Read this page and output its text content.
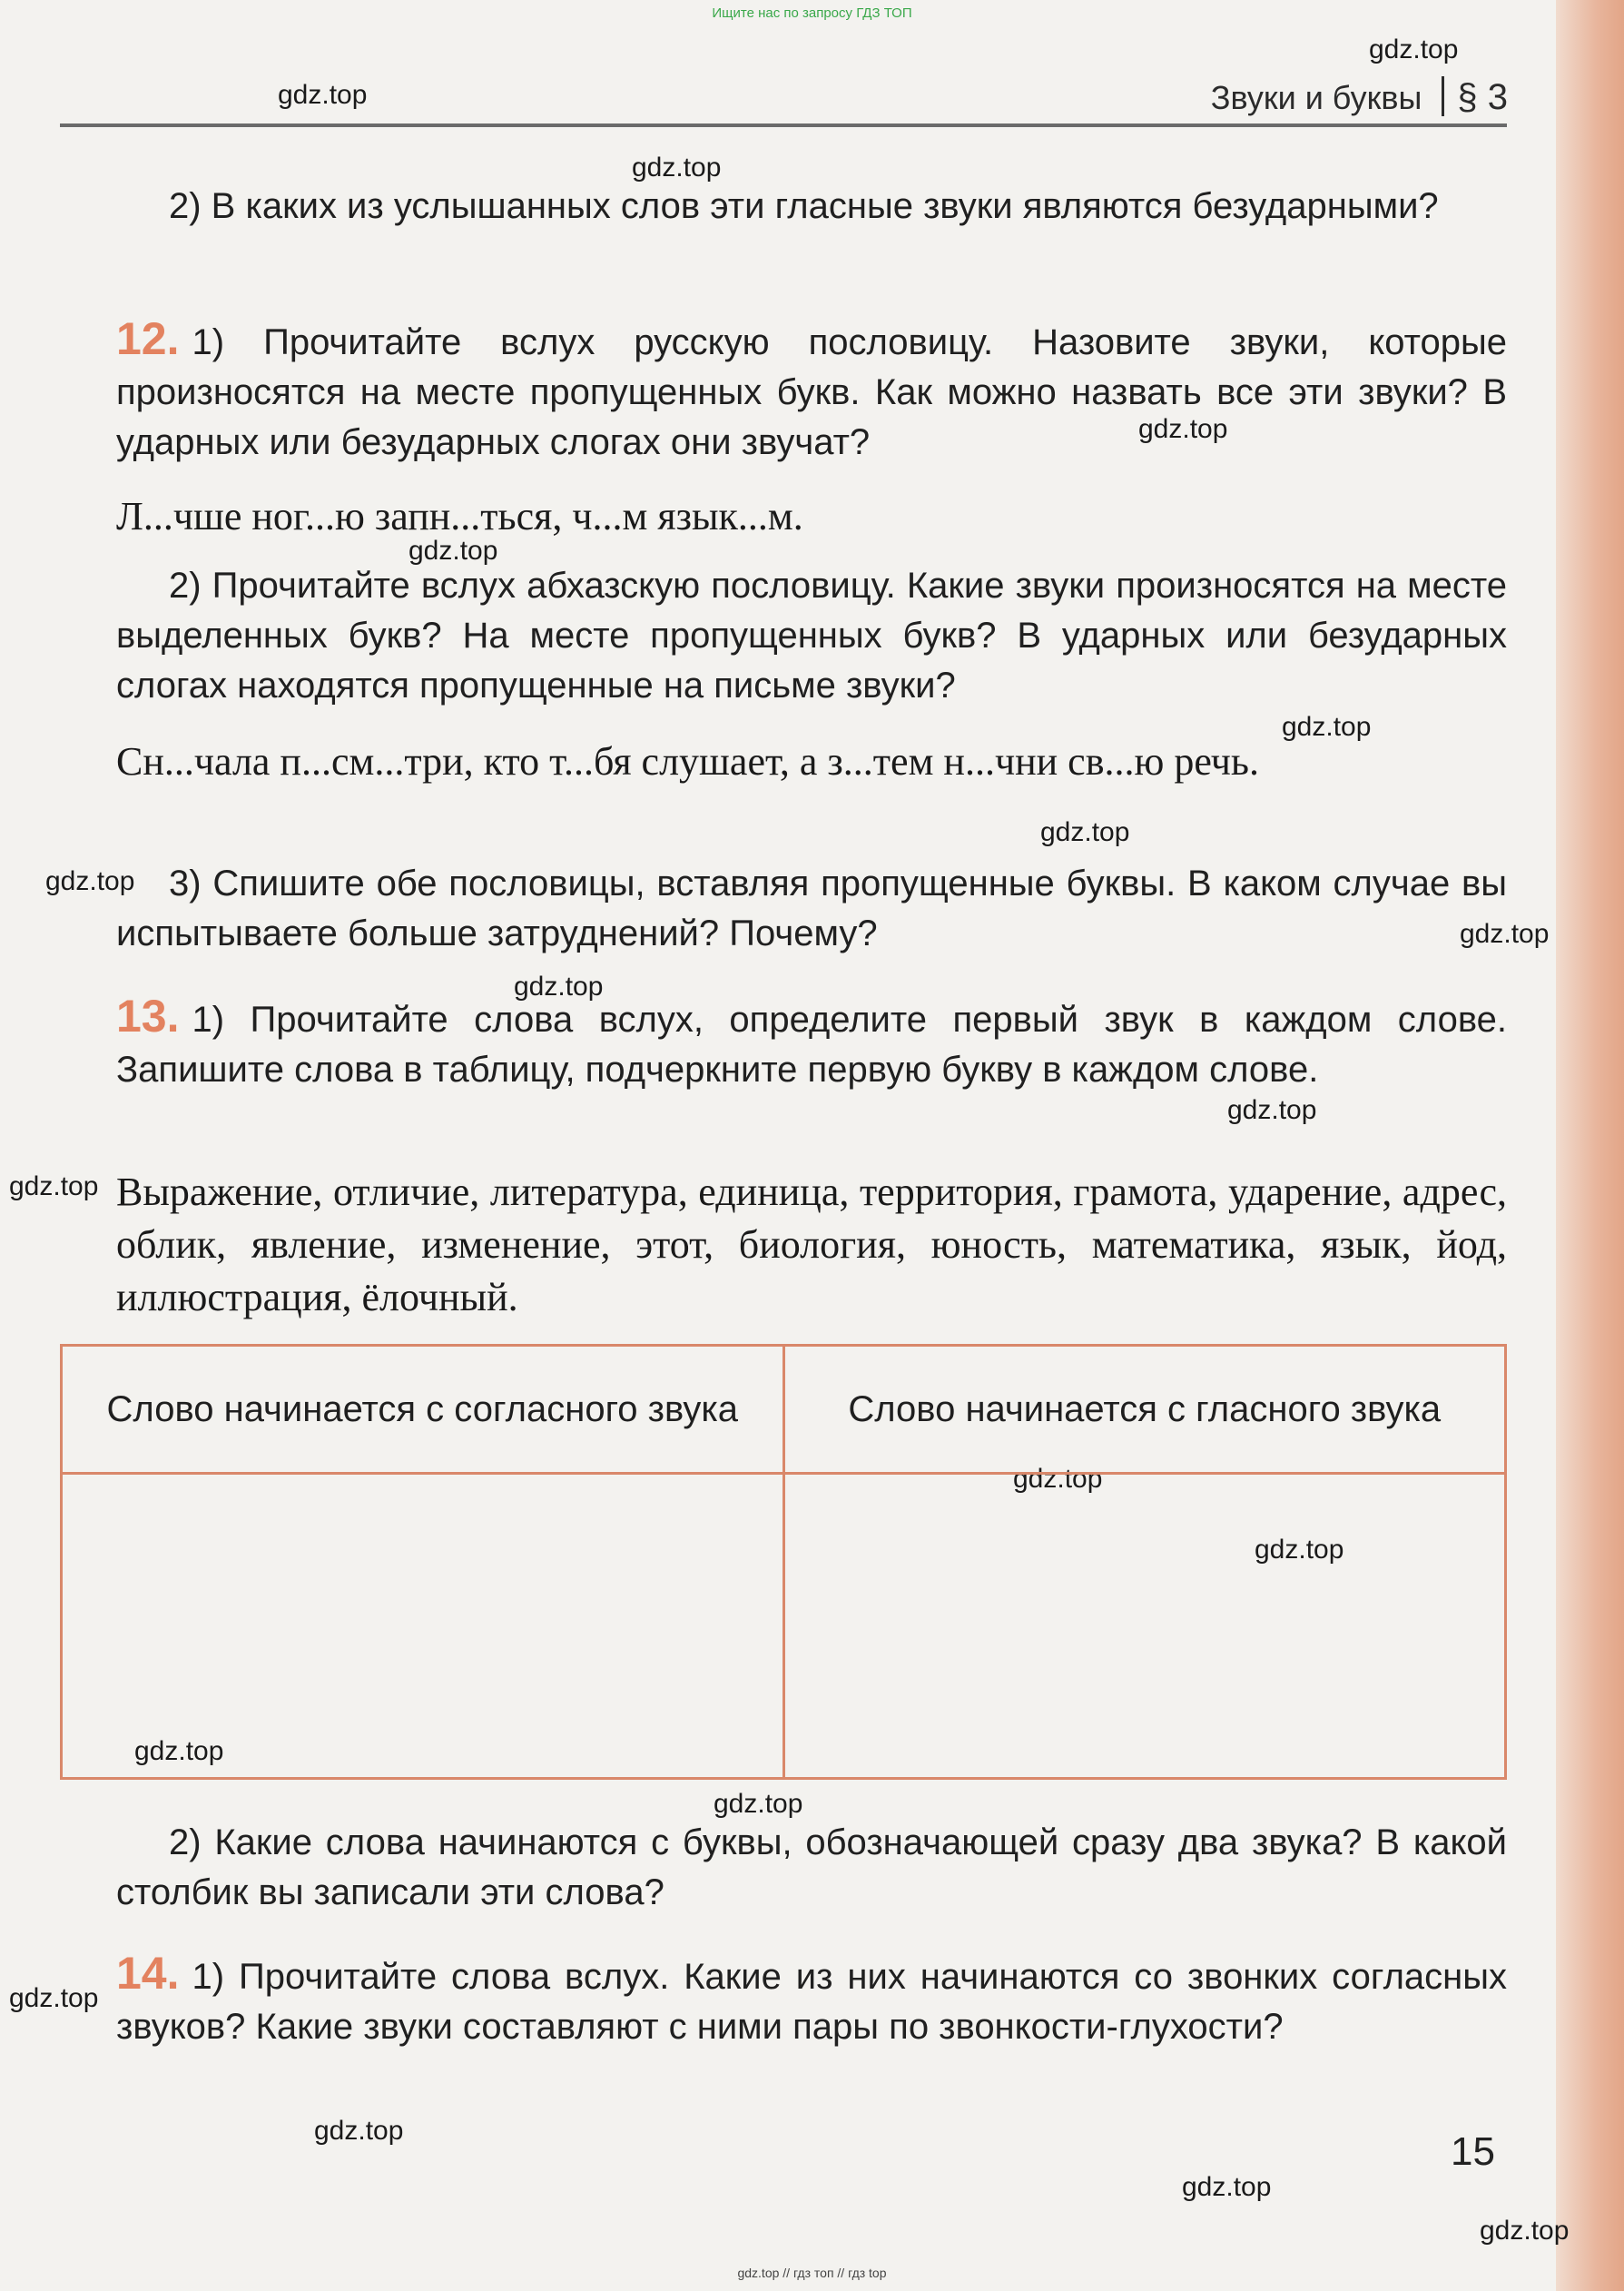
Ищите нас по запросу ГДЗ ТОП
Звуки и буквы § 3
gdz.top
gdz.top
gdz.top
gdz.top
gdz.top
gdz.top
gdz.top
gdz.top
gdz.top
gdz.top
gdz.top
gdz.top
gdz.top
gdz.top
gdz.top
gdz.top
gdz.top
gdz.top
gdz.top
gdz.top
2) В каких из услышанных слов эти гласные звуки являются безударными?
12. 1) Прочитайте вслух русскую пословицу. Назовите звуки, которые произносятся на месте пропущенных букв. Как можно назвать все эти звуки? В ударных или безударных слогах они звучат?
Л...чше ног...ю запн...ться, ч...м язык...м.
2) Прочитайте вслух абхазскую пословицу. Какие звуки произносятся на месте выделенных букв? На месте пропущенных букв? В ударных или безударных слогах находятся пропущенные на письме звуки?
Сн...чала п...см...три, кто т...бя слушает, а з...тем н...чни св...ю речь.
3) Спишите обе пословицы, вставляя пропущенные буквы. В каком случае вы испытываете больше затруднений? Почему?
13. 1) Прочитайте слова вслух, определите первый звук в каждом слове. Запишите слова в таблицу, подчеркните первую букву в каждом слове.
Выражение, отличие, литература, единица, территория, грамота, ударение, адрес, облик, явление, изменение, этот, биология, юность, математика, язык, йод, иллюстрация, ёлочный.
Слово начинается с согласного звука	Слово начинается с гласного звука

2) Какие слова начинаются с буквы, обозначающей сразу два звука? В какой столбик вы записали эти слова?
14. 1) Прочитайте слова вслух. Какие из них начинаются со звонких согласных звуков? Какие звуки составляют с ними пары по звонкости-глухости?
15
gdz.top // гдз топ // гдз top
